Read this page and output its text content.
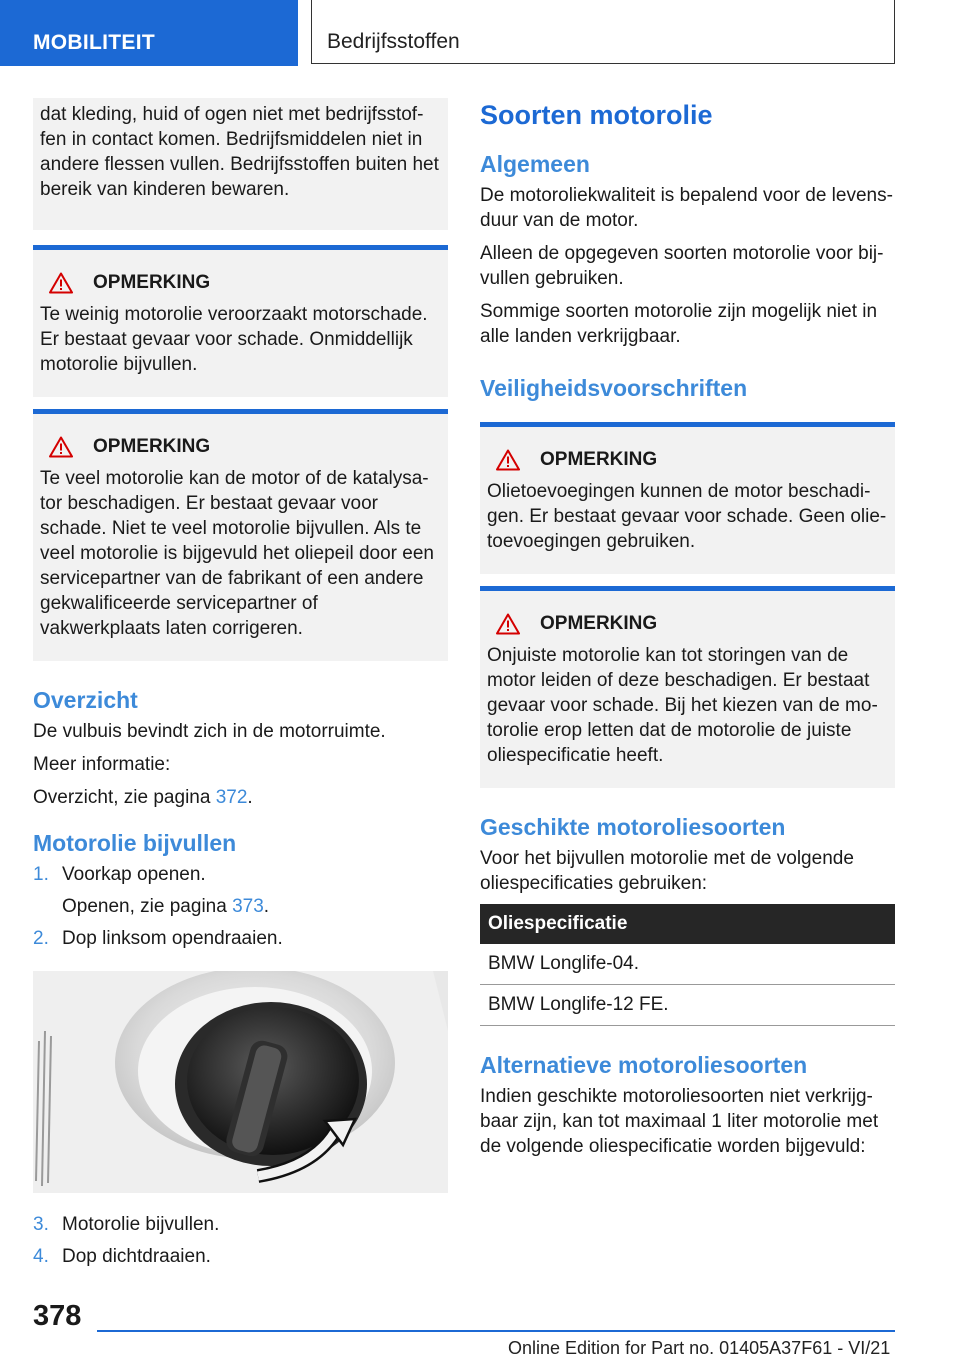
MOBILITEIT	Bedrijfsstoffen

dat kleding, huid of ogen niet met bedrijfsstof-fen in contact komen. Bedrijfsmiddelen niet in andere flessen vullen. Bedrijfsstoffen buiten het bereik van kinderen bewaren.

OPMERKING

Te weinig motorolie veroorzaakt motorschade. Er bestaat gevaar voor schade. Onmiddellijk motorolie bijvullen.

OPMERKING

Te veel motorolie kan de motor of de katalysa-tor beschadigen. Er bestaat gevaar voor schade. Niet te veel motorolie bijvullen. Als te veel motorolie is bijgevuld het oliepeil door een servicepartner van de fabrikant of een andere gekwalificeerde servicepartner of vakwerkplaats laten corrigeren.

Overzicht

De vulbuis bevindt zich in de motorruimte.

Meer informatie:

Overzicht, zie pagina 372.

Motorolie bijvullen
1. Voorkap openen.
Openen, zie pagina 373.
2. Dop linksom opendraaien.
3. Motorolie bijvullen.
4. Dop dichtdraaien.
Soorten motorolie
Algemeen

De motoroliekwaliteit is bepalend voor de levens-duur van de motor.

Alleen de opgegeven soorten motorolie voor bij-vullen gebruiken.

Sommige soorten motorolie zijn mogelijk niet in alle landen verkrijgbaar.

Veiligheidsvoorschriften
OPMERKING

Olietoevoegingen kunnen de motor beschadi-gen. Er bestaat gevaar voor schade. Geen olie-toevoegingen gebruiken.

OPMERKING

Onjuiste motorolie kan tot storingen van de motor leiden of deze beschadigen. Er bestaat gevaar voor schade. Bij het kiezen van de mo-torolie erop letten dat de motorolie de juiste oliespecificatie heeft.

Geschikte motoroliesoorten

Voor het bijvullen motorolie met de volgende oliespecificaties gebruiken:

Oliespecificatie
BMW Longlife-04.
BMW Longlife-12 FE.
Alternatieve motoroliesoorten

Indien geschikte motoroliesoorten niet verkrijg-baar zijn, kan tot maximaal 1 liter motorolie met de volgende oliespecificatie worden bijgevuld:

378
Online Edition for Part no. 01405A37F61 - VI/21
